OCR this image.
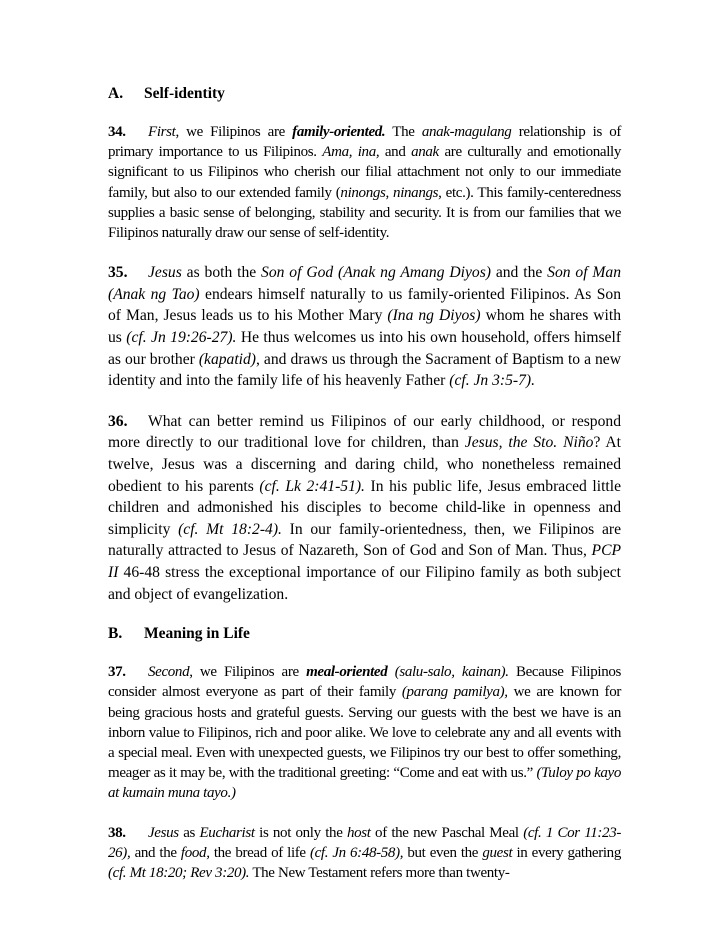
A. Self-identity
34. First, we Filipinos are family-oriented. The anak-magulang relationship is of primary importance to us Filipinos. Ama, ina, and anak are culturally and emotionally significant to us Filipinos who cherish our filial attachment not only to our immediate family, but also to our extended family (ninongs, ninangs, etc.). This family-centeredness supplies a basic sense of belonging, stability and security. It is from our families that we Filipinos naturally draw our sense of self-identity.
35. Jesus as both the Son of God (Anak ng Amang Diyos) and the Son of Man (Anak ng Tao) endears himself naturally to us family-oriented Filipinos. As Son of Man, Jesus leads us to his Mother Mary (Ina ng Diyos) whom he shares with us (cf. Jn 19:26-27). He thus welcomes us into his own household, offers himself as our brother (kapatid), and draws us through the Sacrament of Baptism to a new identity and into the family life of his heavenly Father (cf. Jn 3:5-7).
36. What can better remind us Filipinos of our early childhood, or respond more directly to our traditional love for children, than Jesus, the Sto. Niño? At twelve, Jesus was a discerning and daring child, who nonetheless remained obedient to his parents (cf. Lk 2:41-51). In his public life, Jesus embraced little children and admonished his disciples to become child-like in openness and simplicity (cf. Mt 18:2-4). In our family-orientedness, then, we Filipinos are naturally attracted to Jesus of Nazareth, Son of God and Son of Man. Thus, PCP II 46-48 stress the exceptional importance of our Filipino family as both subject and object of evangelization.
B. Meaning in Life
37. Second, we Filipinos are meal-oriented (salu-salo, kainan). Because Filipinos consider almost everyone as part of their family (parang pamilya), we are known for being gracious hosts and grateful guests. Serving our guests with the best we have is an inborn value to Filipinos, rich and poor alike. We love to celebrate any and all events with a special meal. Even with unexpected guests, we Filipinos try our best to offer something, meager as it may be, with the traditional greeting: “Come and eat with us.” (Tuloy po kayo at kumain muna tayo.)
38. Jesus as Eucharist is not only the host of the new Paschal Meal (cf. 1 Cor 11:23-26), and the food, the bread of life (cf. Jn 6:48-58), but even the guest in every gathering (cf. Mt 18:20; Rev 3:20). The New Testament refers more than twenty-
